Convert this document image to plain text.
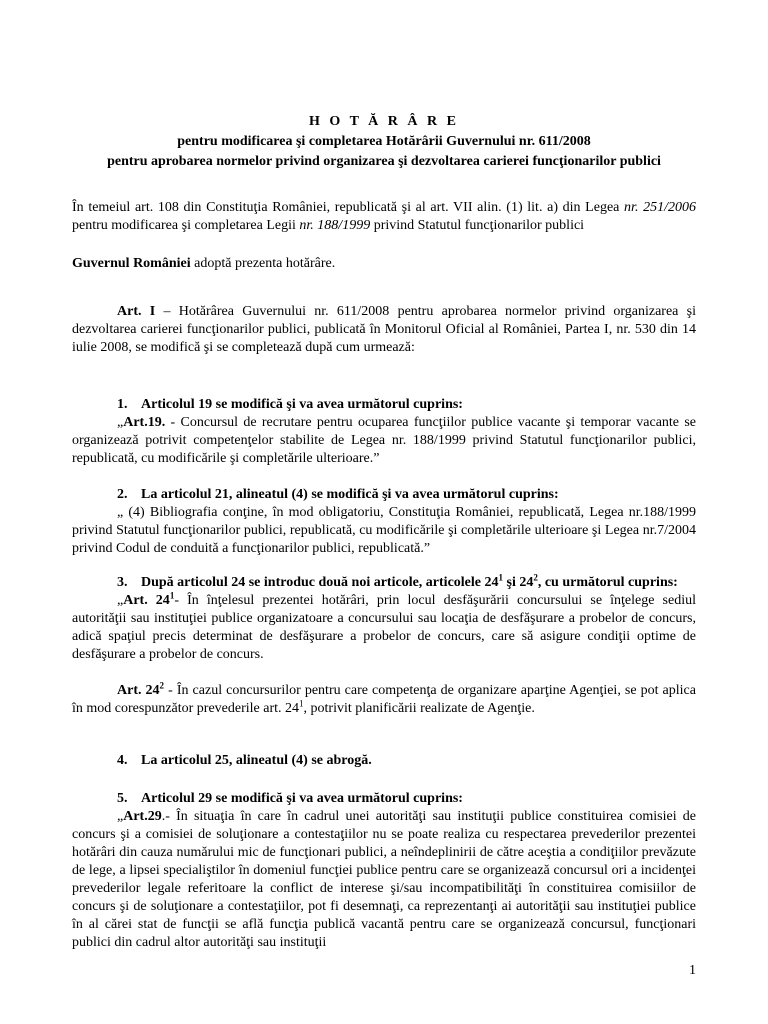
H O T Ă R Â R E
pentru modificarea şi completarea Hotărârii Guvernului nr. 611/2008
pentru aprobarea normelor privind organizarea şi dezvoltarea carierei funcţionarilor publici
În temeiul art. 108 din Constituţia României, republicată şi al art. VII alin. (1) lit. a) din Legea nr. 251/2006 pentru modificarea şi completarea Legii nr. 188/1999 privind Statutul funcţionarilor publici
Guvernul României adoptă prezenta hotărâre.
Art. I – Hotărârea Guvernului nr. 611/2008 pentru aprobarea normelor privind organizarea şi dezvoltarea carierei funcţionarilor publici, publicată în Monitorul Oficial al României, Partea I, nr. 530 din 14 iulie 2008, se modifică şi se completează după cum urmează:
1. Articolul 19 se modifică şi va avea următorul cuprins:
„Art.19. - Concursul de recrutare pentru ocuparea funcţiilor publice vacante şi temporar vacante se organizează potrivit competenţelor stabilite de Legea nr. 188/1999 privind Statutul funcţionarilor publici, republicată, cu modificările şi completările ulterioare.”
2. La articolul 21, alineatul (4) se modifică şi va avea următorul cuprins:
„ (4) Bibliografia conţine, în mod obligatoriu, Constituţia României, republicată, Legea nr.188/1999 privind Statutul funcţionarilor publici, republicată, cu modificările şi completările ulterioare şi Legea nr.7/2004 privind Codul de conduită a funcţionarilor publici, republicată.”
3. După articolul 24 se introduc două noi articole, articolele $24^1$ şi $24^2$, cu următorul cuprins:
„Art. $24^1-$ În înţelesul prezentei hotărâri, prin locul desfăşurării concursului se înţelege sediul autorităţii sau instituţiei publice organizatoare a concursului sau locaţia de desfăşurare a probelor de concurs, adică spaţiul precis determinat de desfăşurare a probelor de concurs, care să asigure condiţii optime de desfăşurare a probelor de concurs.
Art. $24^2$ - În cazul concursurilor pentru care competenţa de organizare aparţine Agenţiei, se pot aplica în mod corespunzător prevederile art. $24^1$, potrivit planificării realizate de Agenţie.
4. La articolul 25, alineatul (4) se abrogă.
5. Articolul 29 se modifică şi va avea următorul cuprins:
„Art.29.- În situaţia în care în cadrul unei autorităţi sau instituţii publice constituirea comisiei de concurs şi a comisiei de soluţionare a contestaţiilor nu se poate realiza cu respectarea prevederilor prezentei hotărâri din cauza numărului mic de funcţionari publici, a neîndeplinirii de către aceştia a condiţiilor prevăzute de lege, a lipsei specialiştilor în domeniul funcţiei publice pentru care se organizează concursul ori a incidenţei prevederilor legale referitoare la conflict de interese şi/sau incompatibilităţi în constituirea comisiilor de concurs şi de soluţionare a contestaţiilor, pot fi desemnaţi, ca reprezentanţi ai autorităţii sau instituţiei publice în al cărei stat de funcţii se află funcţia publică vacantă pentru care se organizează concursul, funcţionari publici din cadrul altor autorităţi sau instituţii
1
